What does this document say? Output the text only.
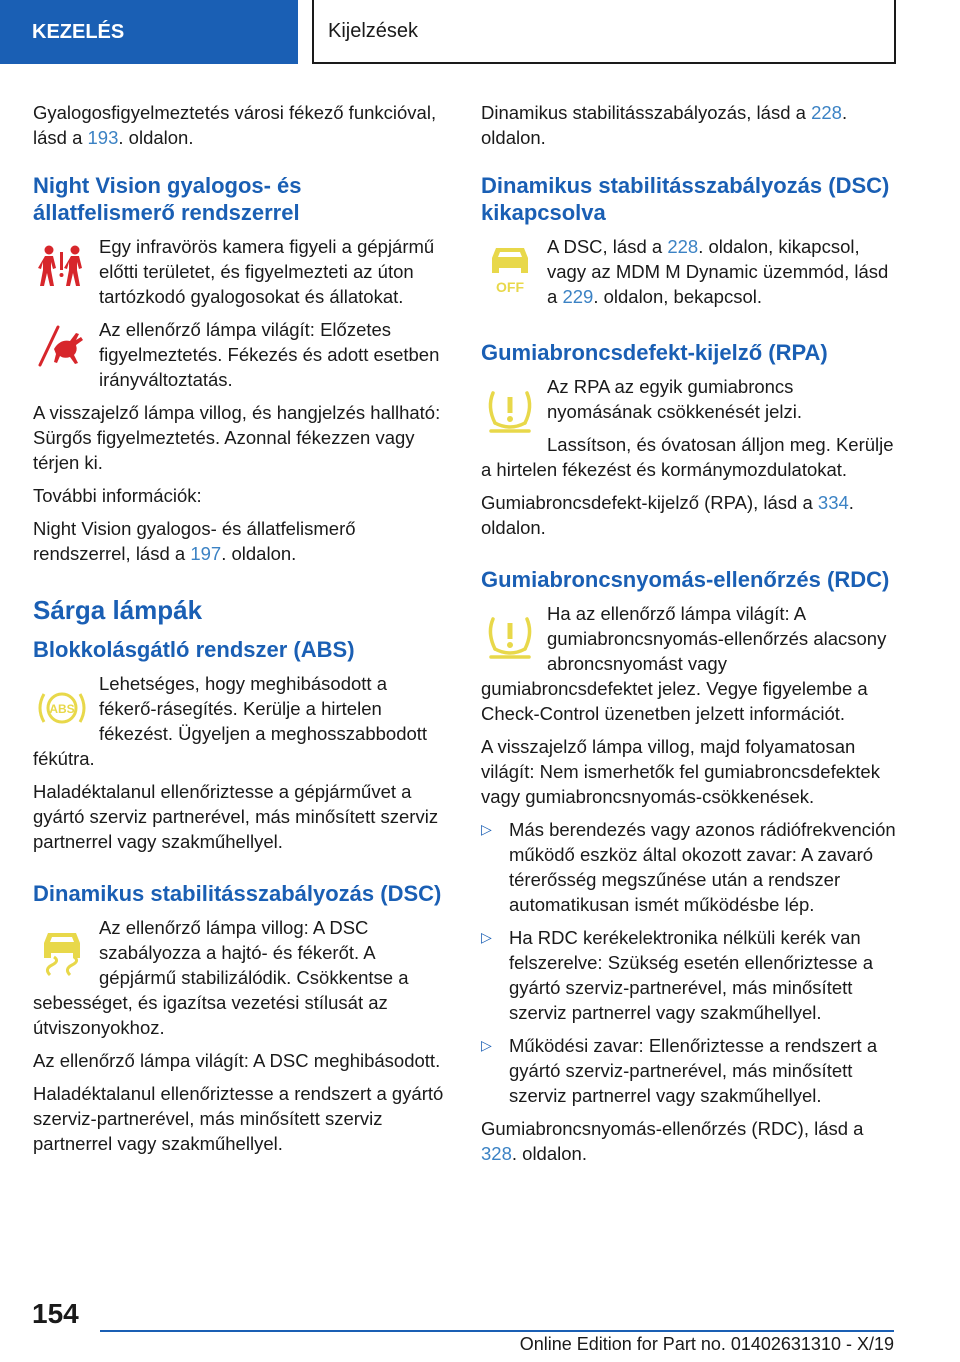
KEZELÉS	Kijelzések

Gyalogosfigyelmeztetés városi fékező funkcióval, lásd a 193. oldalon.

Night Vision gyalogos- és állatfelismerő rendszerrel

Egy infravörös kamera figyeli a gépjármű előtti területet, és figyelmezteti az úton tartózkodó gyalogosokat és állatokat.

Az ellenőrző lámpa világít: Előzetes figyelmeztetés. Fékezés és adott esetben irányváltoztatás.

A visszajelző lámpa villog, és hangjelzés hallható: Sürgős figyelmeztetés. Azonnal fékezzen vagy térjen ki.

További információk:

Night Vision gyalogos- és állatfelismerő rendszerrel, lásd a 197. oldalon.

Sárga lámpák
Blokkolásgátló rendszer (ABS)
ABS

Lehetséges, hogy meghibásodott a fékerő-rásegítés. Kerülje a hirtelen fékezést. Ügyeljen a meghosszabbodott fékútra.

Haladéktalanul ellenőriztesse a gépjárművet a gyártó szerviz partnerével, más minősített szerviz partnerrel vagy szakműhellyel.

Dinamikus stabilitásszabályozás (DSC)

Az ellenőrző lámpa villog: A DSC szabályozza a hajtó- és fékerőt. A gépjármű stabilizálódik. Csökkentse a sebességet, és igazítsa vezetési stílusát az útviszonyokhoz.

Az ellenőrző lámpa világít: A DSC meghibásodott.

Haladéktalanul ellenőriztesse a rendszert a gyártó szerviz-partnerével, más minősített szerviz partnerrel vagy szakműhellyel.

Dinamikus stabilitásszabályozás, lásd a 228. oldalon.

Dinamikus stabilitásszabályozás (DSC) kikapcsolva
OFF

A DSC, lásd a 228. oldalon, kikapcsol, vagy az MDM M Dynamic üzemmód, lásd a 229. oldalon, bekapcsol.

Gumiabroncsdefekt-kijelző (RPA)

Az RPA az egyik gumiabroncs nyomásának csökkenését jelzi.

Lassítson, és óvatosan álljon meg. Kerülje a hirtelen fékezést és kormánymozdulatokat.

Gumiabroncsdefekt-kijelző (RPA), lásd a 334. oldalon.

Gumiabroncsnyomás-ellenőrzés (RDC)

Ha az ellenőrző lámpa világít: A gumiabroncsnyomás-ellenőrzés alacsony abroncsnyomást vagy gumiabroncsdefektet jelez. Vegye figyelembe a Check-Control üzenetben jelzett információt.

A visszajelző lámpa villog, majd folyamatosan világít: Nem ismerhetők fel gumiabroncsdefektek vagy gumiabroncsnyomás-csökkenések.

▷ Más berendezés vagy azonos rádiófrekvención működő eszköz által okozott zavar: A zavaró térerősség megszűnése után a rendszer automatikusan ismét működésbe lép.
▷ Ha RDC kerékelektronika nélküli kerék van felszerelve: Szükség esetén ellenőriztesse a gyártó szerviz-partnerével, más minősített szerviz partnerrel vagy szakműhellyel.
▷ Működési zavar: Ellenőriztesse a rendszert a gyártó szerviz-partnerével, más minősített szerviz partnerrel vagy szakműhellyel.

Gumiabroncsnyomás-ellenőrzés (RDC), lásd a 328. oldalon.

154
Online Edition for Part no. 01402631310 - X/19
